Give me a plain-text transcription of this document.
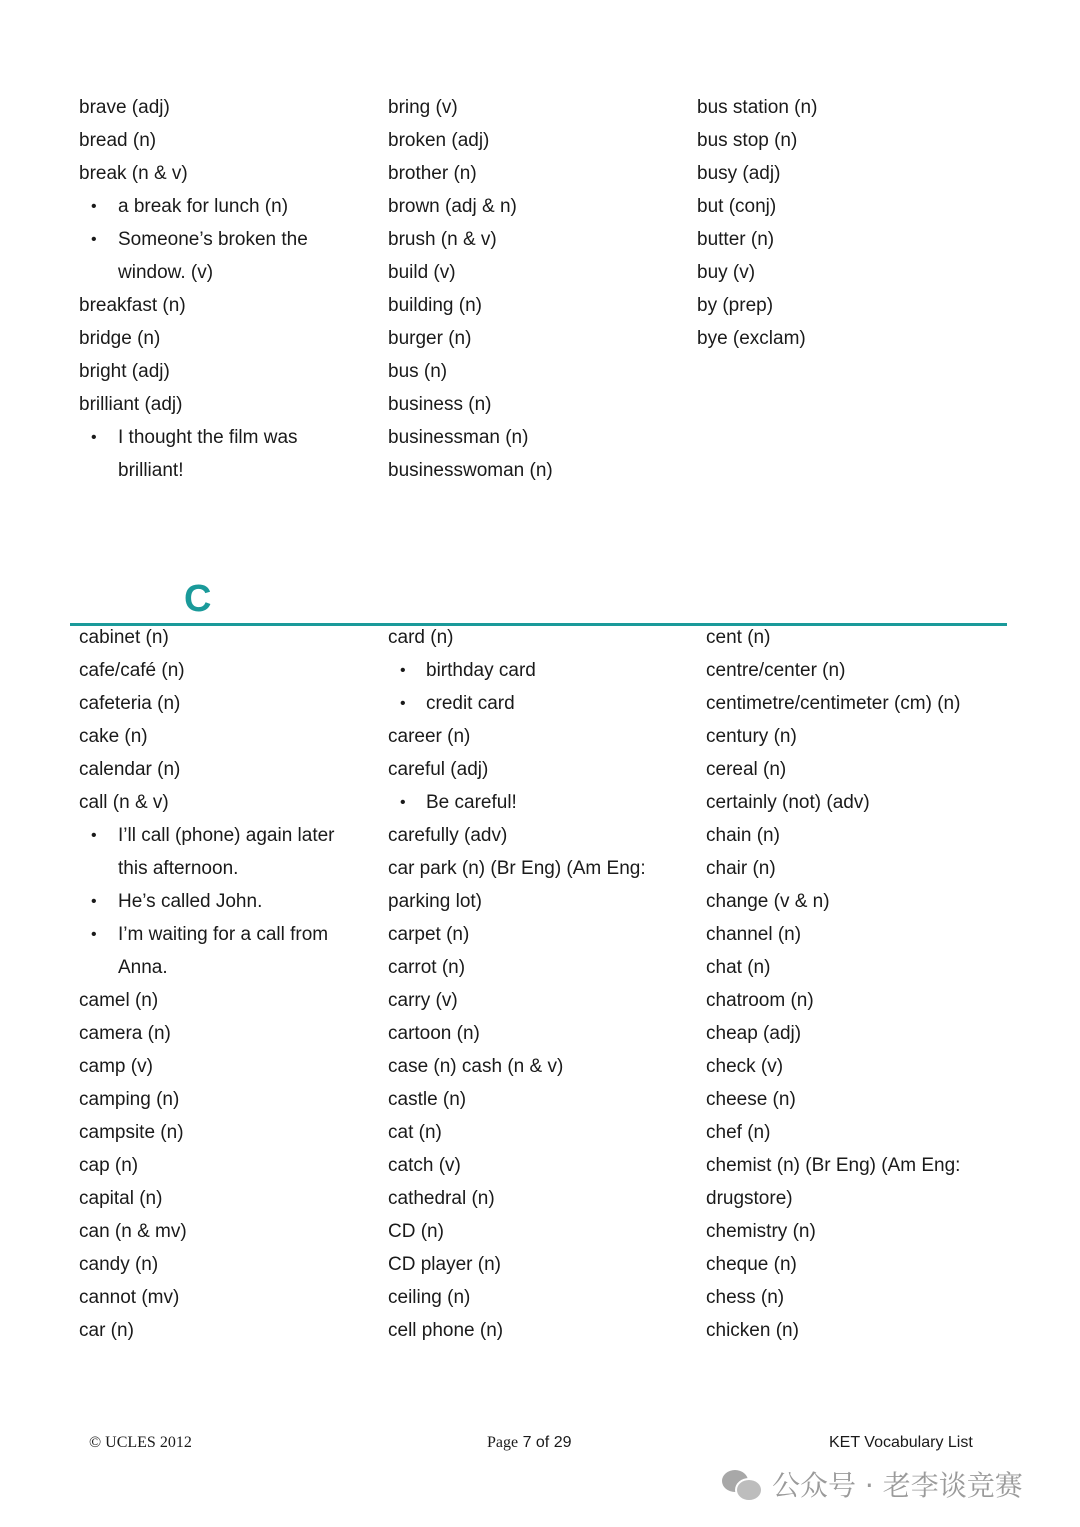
brave (adj)
bread (n)
break (n & v)
• a break for lunch (n)
• Someone’s broken the
window. (v)
breakfast (n)
bridge (n)
bright (adj)
brilliant (adj)
• I thought the film was
brilliant!
bring (v)
broken (adj)
brother (n)
brown (adj & n)
brush (n & v)
build (v)
building (n)
burger (n)
bus (n)
business (n)
businessman (n)
businesswoman (n)
bus station (n)
bus stop (n)
busy (adj)
but (conj)
butter (n)
buy (v)
by (prep)
bye (exclam)
C
cabinet (n)
cafe/café (n)
cafeteria (n)
cake (n)
calendar (n)
call (n & v)
• I’ll call (phone) again later
this afternoon.
• He’s called John.
• I’m waiting for a call from
Anna.
camel (n)
camera (n)
camp (v)
camping (n)
campsite (n)
cap (n)
capital (n)
can (n & mv)
candy (n)
cannot (mv)
car (n)
card (n)
• birthday card
• credit card
career (n)
careful (adj)
• Be careful!
carefully (adv)
car park (n) (Br Eng) (Am Eng:
parking lot)
carpet (n)
carrot (n)
carry (v)
cartoon (n)
case (n) cash (n & v)
castle (n)
cat (n)
catch (v)
cathedral (n)
CD (n)
CD player (n)
ceiling (n)
cell phone (n)
cent (n)
centre/center (n)
centimetre/centimeter (cm) (n)
century (n)
cereal (n)
certainly (not) (adv)
chain (n)
chair (n)
change (v & n)
channel (n)
chat (n)
chatroom (n)
cheap (adj)
check (v)
cheese (n)
chef (n)
chemist (n) (Br Eng) (Am Eng:
drugstore)
chemistry (n)
cheque (n)
chess (n)
chicken (n)
© UCLES 2012	Page 7 of 29	KET Vocabulary List
公众号 · 老李谈竞赛
